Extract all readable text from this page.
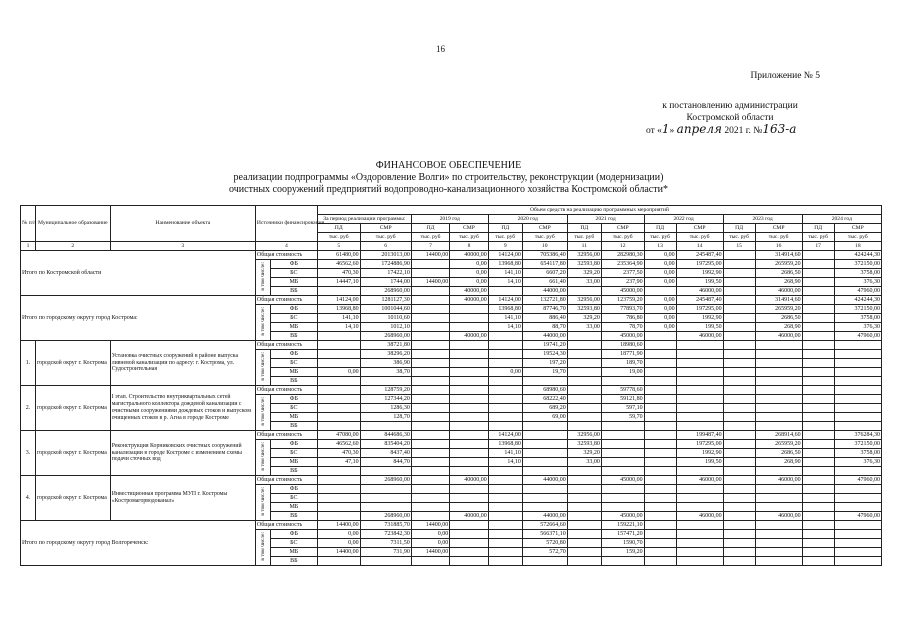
16
Приложение № 5
к постановлению администрации
Костромской области
от «1» апреля 2021 г. №163-а
ФИНАНСОВОЕ ОБЕСПЕЧЕНИЕ
реализации подпрограммы «Оздоровление Волги» по строительству, реконструкции (модернизации)
очистных сооружений предприятий водопроводно-канализационного хозяйства Костромской области*
№ п/п	Муниципальное образование	Наименование объекта	Источники финансирования		Объем средств на реализацию программных мероприятий													
					За период реализации программы:		2019 год		2020 год		2021 год		2022 год		2023 год		2024 год	
					ПД	СМР	ПД	СМР	ПД	СМР	ПД	СМР	ПД	СМР	ПД	СМР	ПД	СМР
					тыс. руб	тыс. руб	тыс. руб	тыс. руб	тыс. руб	тыс. руб	тыс. руб	тыс. руб	тыс. руб	тыс. руб	тыс. руб	тыс. руб	тыс. руб	тыс. руб
1	2	3	4		5	6	7	8	9	10	11	12	13	14	15	16	17	18
Итого по Костромской области			Общая стоимость		61480,00	2013013,00	14400,00	40000,00	14124,00	705386,40	32956,00	282980,30	0,00	245487,40		314914,60		424244,30
			в том числе:	ФБ	46562,60	1724886,90		0,00	13968,80	654117,80	32593,80	235364,90	0,00	197295,00		265959,20		372150,00
				БС	470,30	17422,10		0,00	141,10	6607,20	329,20	2377,50	0,00	1992,90		2686,50		3758,00
				МБ	14447,10	1744,00	14400,00	0,00	14,10	661,40	33,00	237,90	0,00	199,50		268,90		376,30
				ВБ		268960,00		40000,00		44000,00		45000,00		46000,00		46000,00		47960,00
Итого по городскому округу город Кострома:			Общая стоимость		14124,00	1281127,30		40000,00	14124,00	132721,80	32956,00	123759,20	0,00	245487,40		314914,60		424244,30
			в том числе:	ФБ	13968,80	1001044,60			13968,80	87746,70	32593,80	77893,70	0,00	197295,00		265959,20		372150,00
				БС	141,10	10110,60			141,10	886,40	329,20	786,80	0,00	1992,90		2686,50		3758,00
				МБ	14,10	1012,10			14,10	88,70	33,00	78,70	0,00	199,50		268,90		376,30
				ВБ		268960,00		40000,00		44000,00		45000,00		46000,00		46000,00		47960,00
1.	городской округ г. Кострома	Установка очистных сооружений в районе выпуска ливневой канализации по адресу: г. Кострома, ул. Судостроительная	Общая стоимость			38721,80				19741,20		18980,60						
			в том числе:	ФБ		38296,20				19524,30		18771,90						
				БС		386,90				197,20		189,70						
				МБ	0,00	38,70			0,00	19,70		19,00						
				ВБ														
2.	городской округ г. Кострома	I этап. Строительство внутриквартальных сетей магистрального коллектора дождевой канализации с очистными сооружениями дождевых стоков и выпуском очищенных стоков в р. Агна в городе Костроме	Общая стоимость			128759,20				68980,60		59778,60						
			в том числе:	ФБ		127344,20				68222,40		59121,80						
				БС		1286,30				689,20		597,10						
				МБ		128,70				69,00		59,70						
				ВБ														
3.	городской округ г. Кострома	Реконструкция Корниковских очистных сооружений канализации в городе Костроме с изменением схемы подачи сточных вод	Общая стоимость		47080,00	844686,30			14124,00		32956,00			199487,40		268914,60		376284,30
			в том числе:	ФБ	46562,60	835404,20			13968,80		32593,80			197295,00		265959,20		372150,00
				БС	470,30	8437,40			141,10		329,20			1992,90		2686,50		3758,00
				МБ	47,10	844,70			14,10		33,00			199,50		268,90		376,30
				ВБ														
4.	городской округ г. Кострома	Инвестиционная программа МУП г. Костромы «Костромагорводоканал»	Общая стоимость			268960,00		40000,00		44000,00		45000,00		46000,00		46000,00		47960,00
			в том числе:	ФБ														
				БС														
				МБ														
				ВБ		268960,00		40000,00		44000,00		45000,00		46000,00		46000,00		47960,00
Итого по городскому округу город Волгореченск:			Общая стоимость		14400,00	731885,70	14400,00			572664,60		159221,10						
			в том числе:	ФБ	0,00	723842,30	0,00			566371,10		157471,20						
				БС	0,00	7311,50	0,00			5720,80		1590,70						
				МБ	14400,00	731,90	14400,00			572,70		159,20						
				ВБ														
